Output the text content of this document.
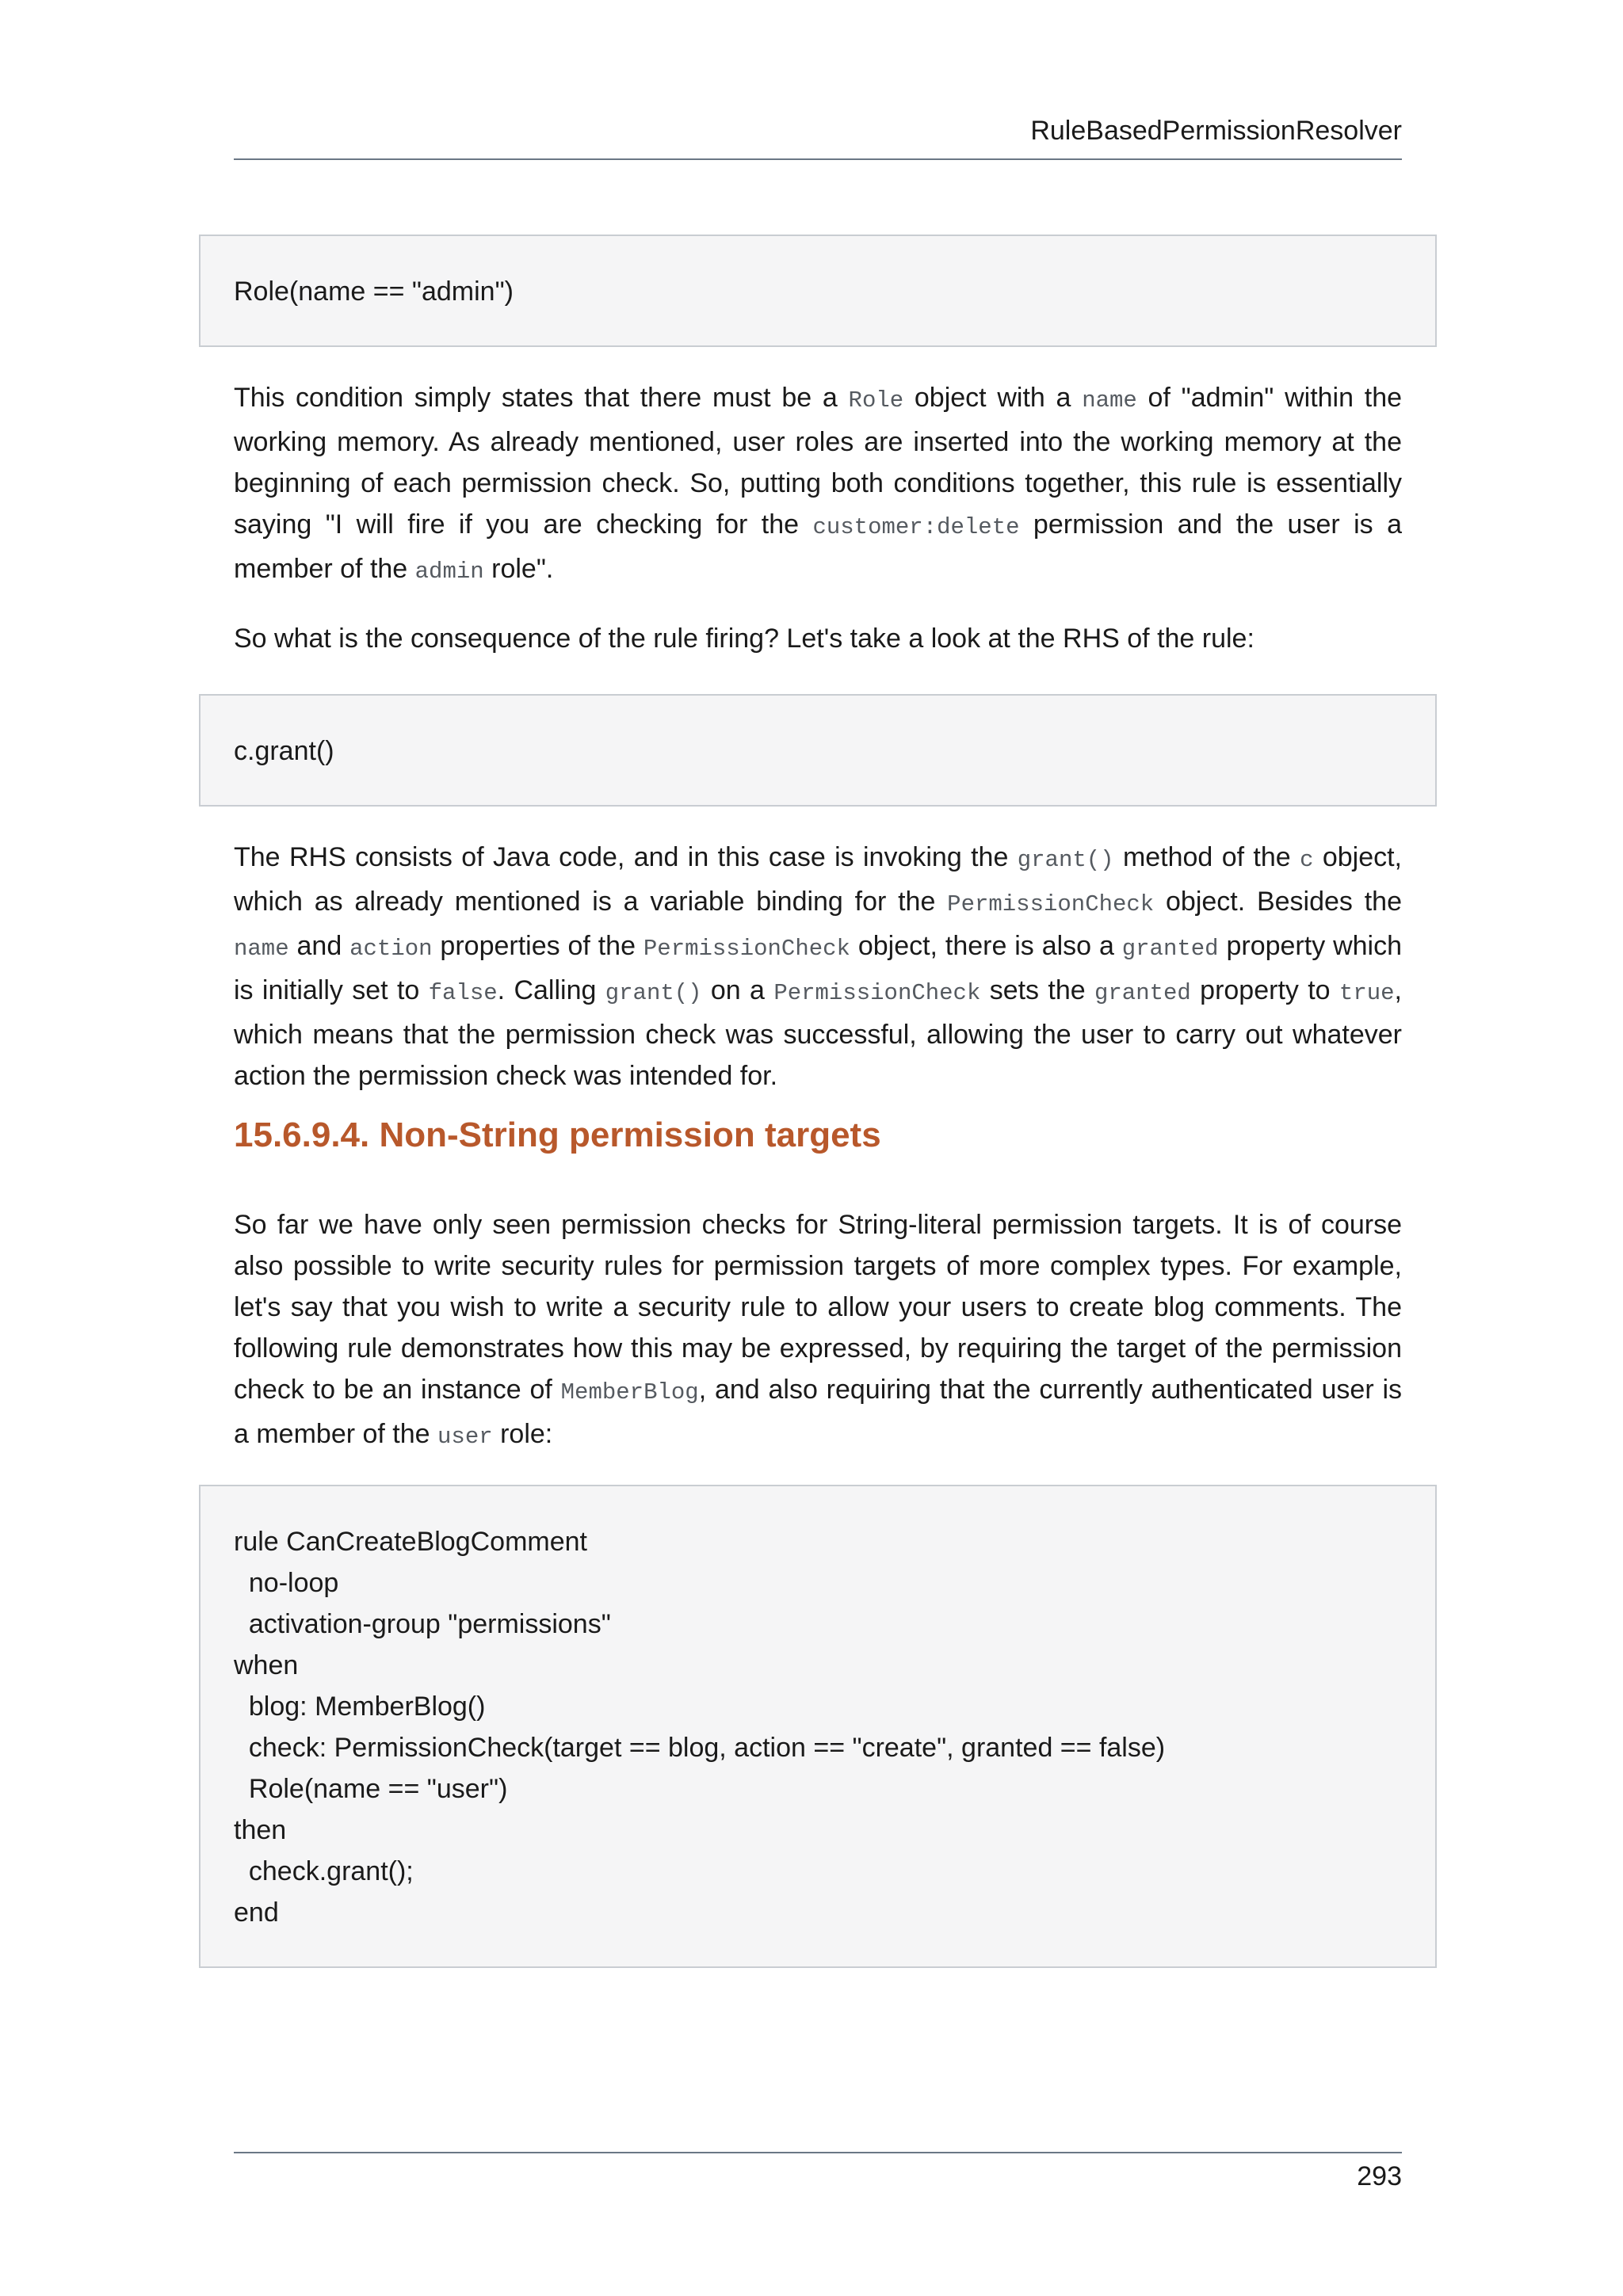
RuleBasedPermissionResolver
Role(name == "admin")

This condition simply states that there must be a Role object with a name of "admin" within the working memory. As already mentioned, user roles are inserted into the working memory at the beginning of each permission check. So, putting both conditions together, this rule is essentially saying "I will fire if you are checking for the customer:delete permission and the user is a member of the admin role".

So what is the consequence of the rule firing? Let's take a look at the RHS of the rule:

c.grant()

The RHS consists of Java code, and in this case is invoking the grant() method of the c object, which as already mentioned is a variable binding for the PermissionCheck object. Besides the name and action properties of the PermissionCheck object, there is also a granted property which is initially set to false. Calling grant() on a PermissionCheck sets the granted property to true, which means that the permission check was successful, allowing the user to carry out whatever action the permission check was intended for.

15.6.9.4. Non-String permission targets

So far we have only seen permission checks for String-literal permission targets. It is of course also possible to write security rules for permission targets of more complex types. For example, let's say that you wish to write a security rule to allow your users to create blog comments. The following rule demonstrates how this may be expressed, by requiring the target of the permission check to be an instance of MemberBlog, and also requiring that the currently authenticated user is a member of the user role:

rule CanCreateBlogComment
no-loop
activation-group "permissions"
when
blog: MemberBlog()
check: PermissionCheck(target == blog, action == "create", granted == false)
Role(name == "user")
then
check.grant();
end
293
